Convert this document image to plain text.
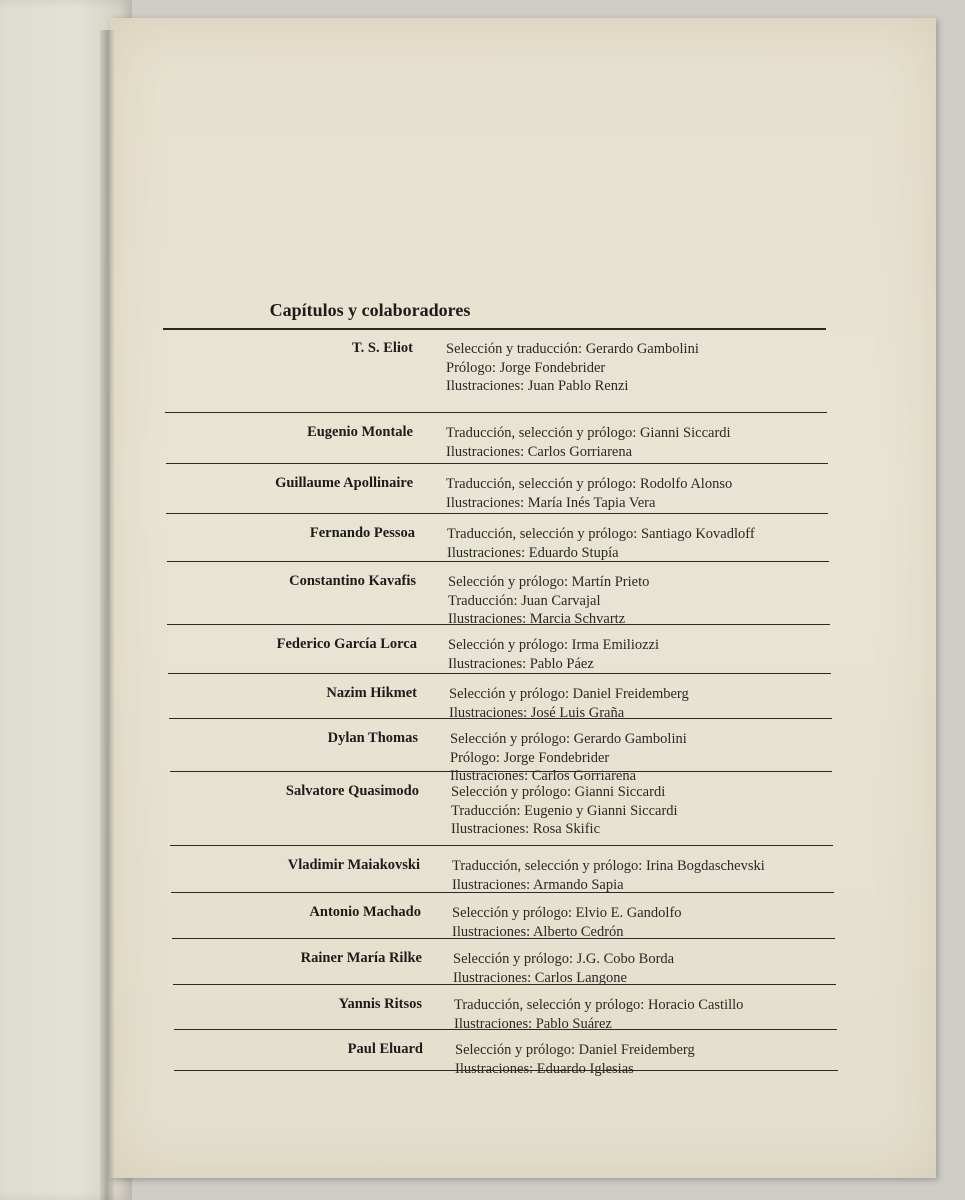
Capítulos y colaboradores
T. S. Eliot Selección y traducción: Gerardo Gambolini
Prólogo: Jorge Fondebrider
Ilustraciones: Juan Pablo Renzi
Eugenio Montale Traducción, selección y prólogo: Gianni Siccardi
Ilustraciones: Carlos Gorriarena
Guillaume Apollinaire Traducción, selección y prólogo: Rodolfo Alonso
Ilustraciones: María Inés Tapia Vera
Fernando Pessoa Traducción, selección y prólogo: Santiago Kovadloff
Ilustraciones: Eduardo Stupía
Constantino Kavafis Selección y prólogo: Martín Prieto
Traducción: Juan Carvajal
Ilustraciones: Marcia Schvartz
Federico García Lorca Selección y prólogo: Irma Emiliozzi
Ilustraciones: Pablo Páez
Nazim Hikmet Selección y prólogo: Daniel Freidemberg
Ilustraciones: José Luis Graña
Dylan Thomas Selección y prólogo: Gerardo Gambolini
Prólogo: Jorge Fondebrider
Ilustraciones: Carlos Gorriarena
Salvatore Quasimodo Selección y prólogo: Gianni Siccardi
Traducción: Eugenio y Gianni Siccardi
Ilustraciones: Rosa Skific
Vladimir Maiakovski Traducción, selección y prólogo: Irina Bogdaschevski
Ilustraciones: Armando Sapia
Antonio Machado Selección y prólogo: Elvio E. Gandolfo
Ilustraciones: Alberto Cedrón
Rainer María Rilke Selección y prólogo: J.G. Cobo Borda
Ilustraciones: Carlos Langone
Yannis Ritsos Traducción, selección y prólogo: Horacio Castillo
Ilustraciones: Pablo Suárez
Paul Eluard Selección y prólogo: Daniel Freidemberg
Ilustraciones: Eduardo Iglesias
